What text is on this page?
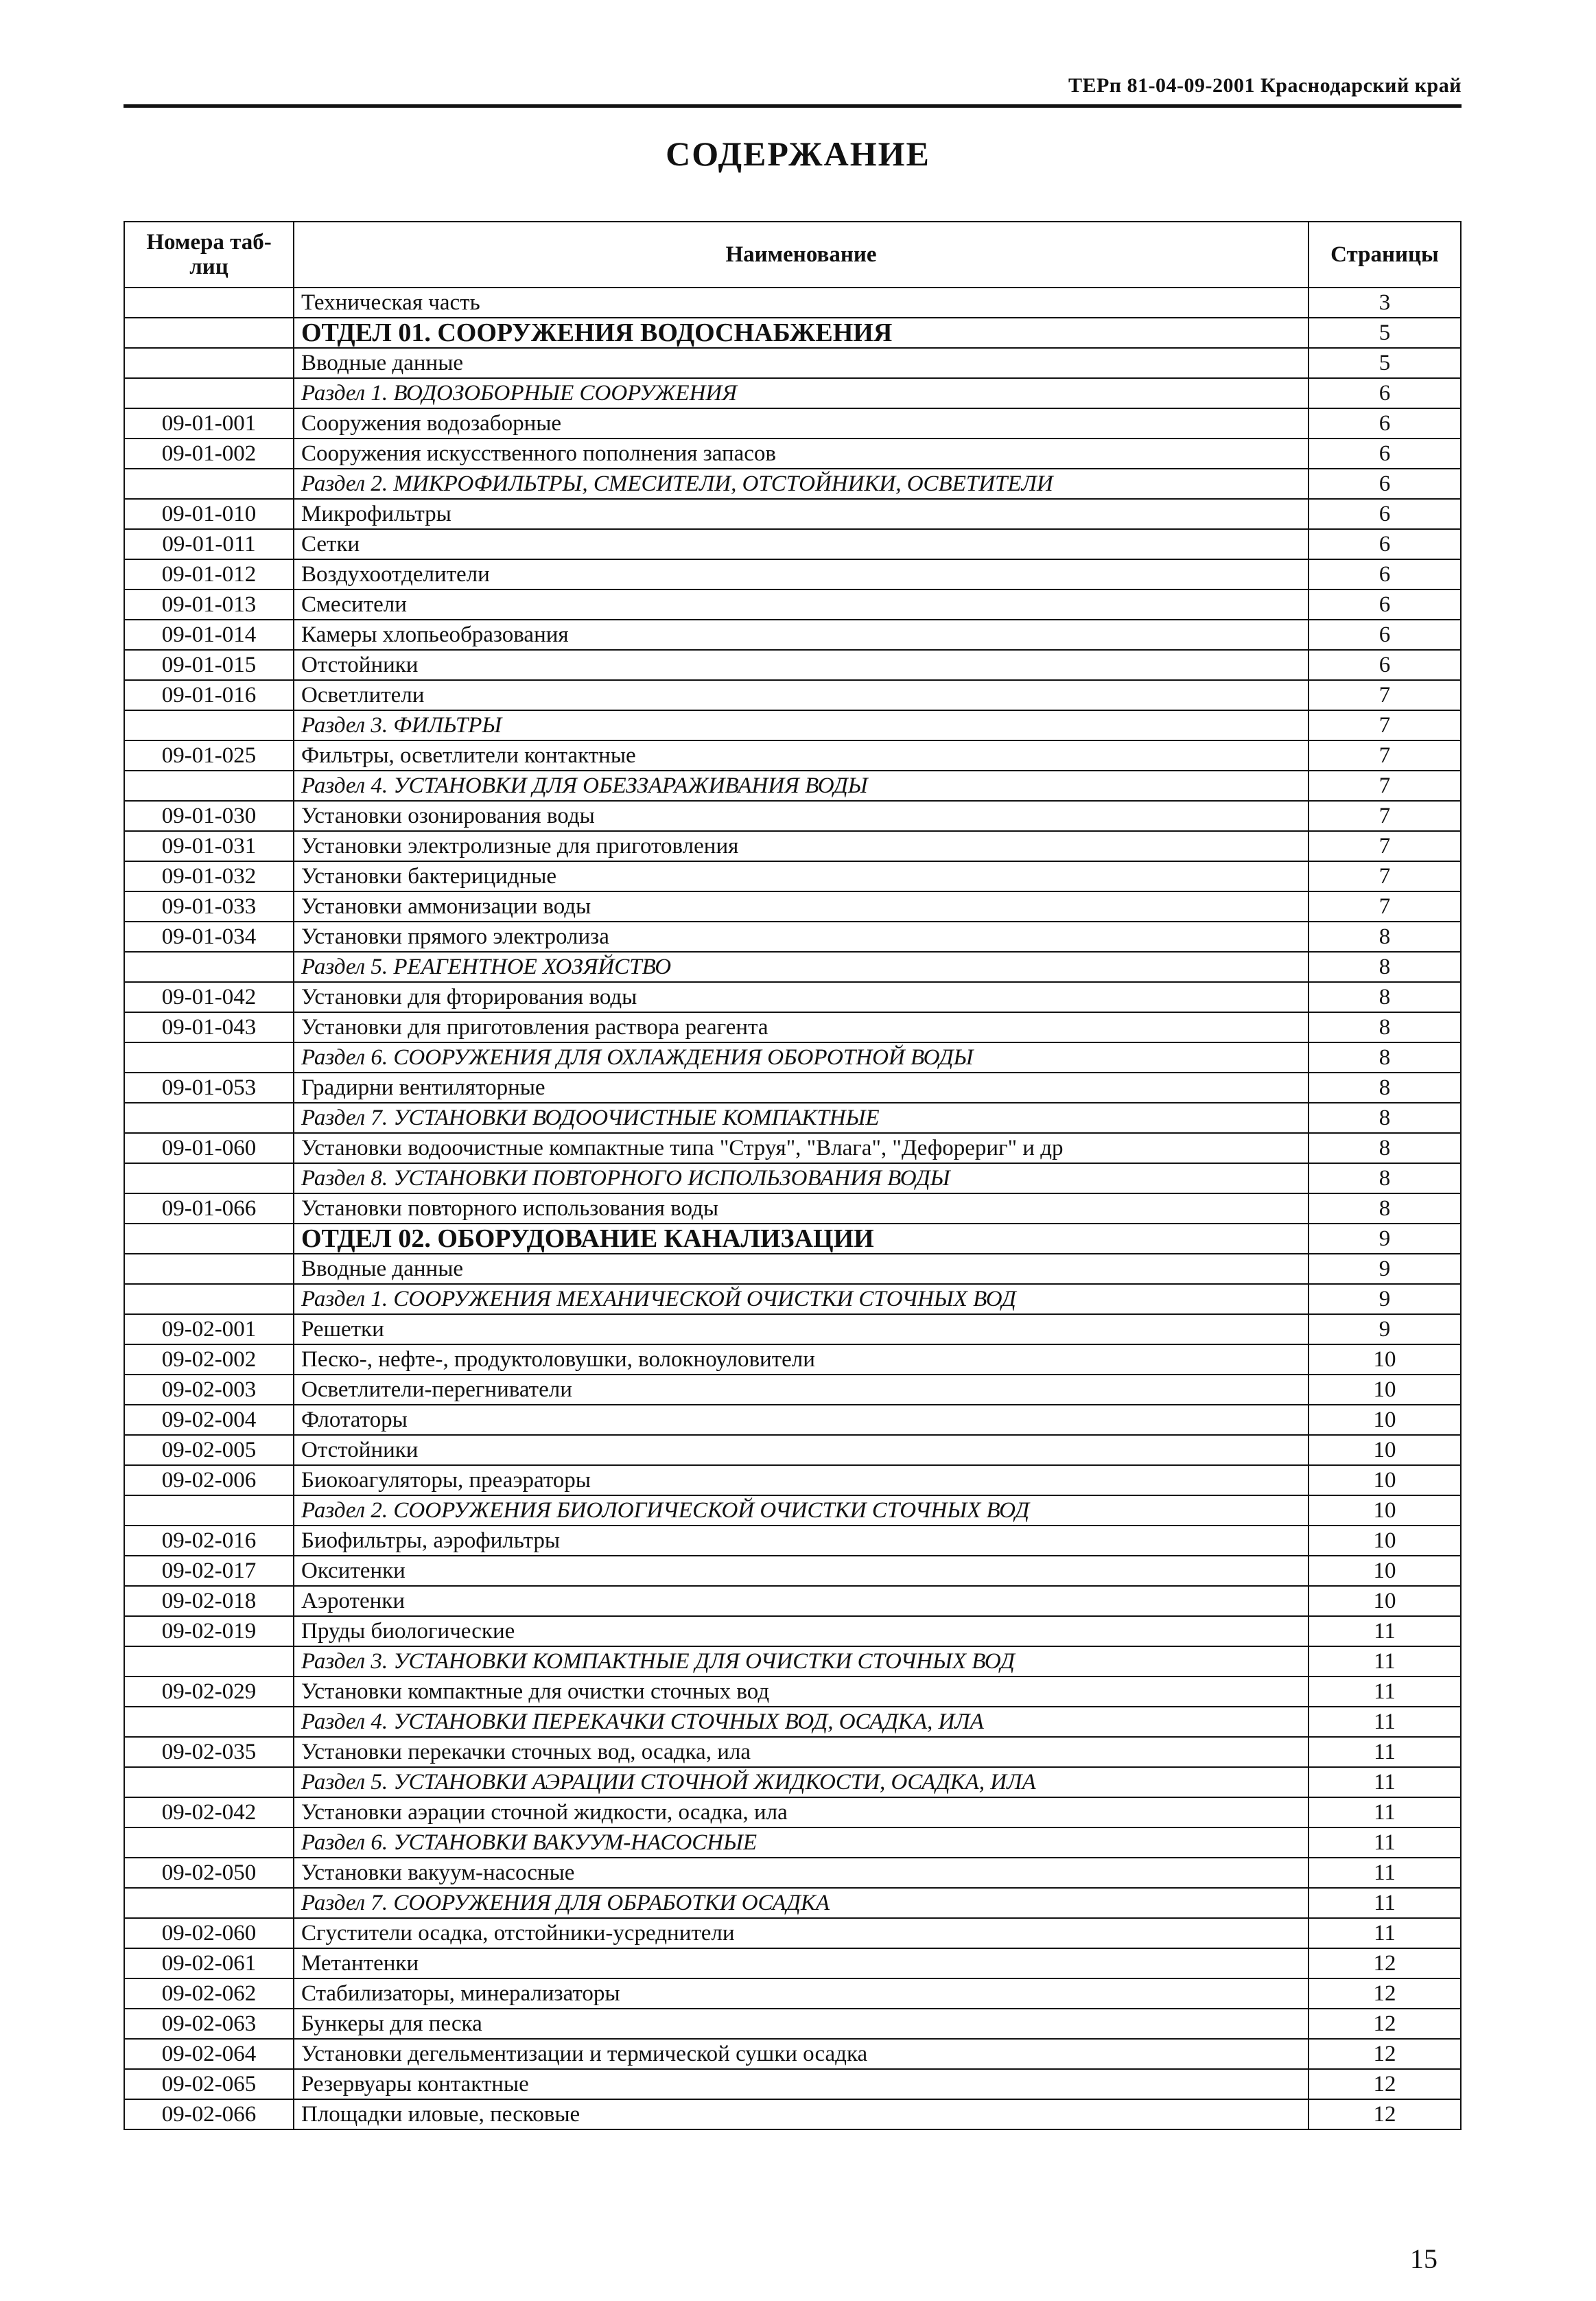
ТЕРп 81-04-09-2001 Краснодарский край
СОДЕРЖАНИЕ
Номера таб-
лиц	Наименование	Страницы
	Техническая часть	3
	ОТДЕЛ 01. СООРУЖЕНИЯ ВОДОСНАБЖЕНИЯ	5
	Вводные данные	5
	Раздел 1. ВОДОЗОБОРНЫЕ СООРУЖЕНИЯ	6
09-01-001	Сооружения водозаборные	6
09-01-002	Сооружения искусственного пополнения запасов	6
	Раздел 2. МИКРОФИЛЬТРЫ, СМЕСИТЕЛИ, ОТСТОЙНИКИ, ОСВЕТИТЕЛИ	6
09-01-010	Микрофильтры	6
09-01-011	Сетки	6
09-01-012	Воздухоотделители	6
09-01-013	Смесители	6
09-01-014	Камеры хлопьеобразования	6
09-01-015	Отстойники	6
09-01-016	Осветлители	7
	Раздел 3. ФИЛЬТРЫ	7
09-01-025	Фильтры, осветлители контактные	7
	Раздел 4. УСТАНОВКИ ДЛЯ ОБЕЗЗАРАЖИВАНИЯ ВОДЫ	7
09-01-030	Установки озонирования воды	7
09-01-031	Установки электролизные для приготовления	7
09-01-032	Установки бактерицидные	7
09-01-033	Установки аммонизации воды	7
09-01-034	Установки прямого электролиза	8
	Раздел 5. РЕАГЕНТНОЕ ХОЗЯЙСТВО	8
09-01-042	Установки для фторирования воды	8
09-01-043	Установки для приготовления раствора реагента	8
	Раздел 6. СООРУЖЕНИЯ ДЛЯ ОХЛАЖДЕНИЯ ОБОРОТНОЙ ВОДЫ	8
09-01-053	Градирни вентиляторные	8
	Раздел 7. УСТАНОВКИ ВОДООЧИСТНЫЕ КОМПАКТНЫЕ	8
09-01-060	Установки водоочистные компактные типа "Струя", "Влага", "Дефорериг" и др	8
	Раздел 8. УСТАНОВКИ ПОВТОРНОГО ИСПОЛЬЗОВАНИЯ ВОДЫ	8
09-01-066	Установки повторного использования воды	8
	ОТДЕЛ 02. ОБОРУДОВАНИЕ КАНАЛИЗАЦИИ	9
	Вводные данные	9
	Раздел 1. СООРУЖЕНИЯ МЕХАНИЧЕСКОЙ ОЧИСТКИ СТОЧНЫХ ВОД	9
09-02-001	Решетки	9
09-02-002	Песко-, нефте-, продуктоловушки, волокноуловители	10
09-02-003	Осветлители-перегниватели	10
09-02-004	Флотаторы	10
09-02-005	Отстойники	10
09-02-006	Биокоагуляторы, преаэраторы	10
	Раздел 2. СООРУЖЕНИЯ БИОЛОГИЧЕСКОЙ ОЧИСТКИ СТОЧНЫХ ВОД	10
09-02-016	Биофильтры, аэрофильтры	10
09-02-017	Окситенки	10
09-02-018	Аэротенки	10
09-02-019	Пруды биологические	11
	Раздел 3. УСТАНОВКИ КОМПАКТНЫЕ ДЛЯ ОЧИСТКИ СТОЧНЫХ ВОД	11
09-02-029	Установки компактные для очистки сточных вод	11
	Раздел 4. УСТАНОВКИ ПЕРЕКАЧКИ СТОЧНЫХ ВОД, ОСАДКА, ИЛА	11
09-02-035	Установки перекачки сточных вод, осадка, ила	11
	Раздел 5. УСТАНОВКИ АЭРАЦИИ СТОЧНОЙ ЖИДКОСТИ, ОСАДКА, ИЛА	11
09-02-042	Установки аэрации сточной жидкости, осадка, ила	11
	Раздел 6. УСТАНОВКИ ВАКУУМ-НАСОСНЫЕ	11
09-02-050	Установки вакуум-насосные	11
	Раздел 7. СООРУЖЕНИЯ ДЛЯ ОБРАБОТКИ ОСАДКА	11
09-02-060	Сгустители осадка, отстойники-усреднители	11
09-02-061	Метантенки	12
09-02-062	Стабилизаторы, минерализаторы	12
09-02-063	Бункеры для песка	12
09-02-064	Установки дегельментизации и термической сушки осадка	12
09-02-065	Резервуары контактные	12
09-02-066	Площадки иловые, песковые	12
15
